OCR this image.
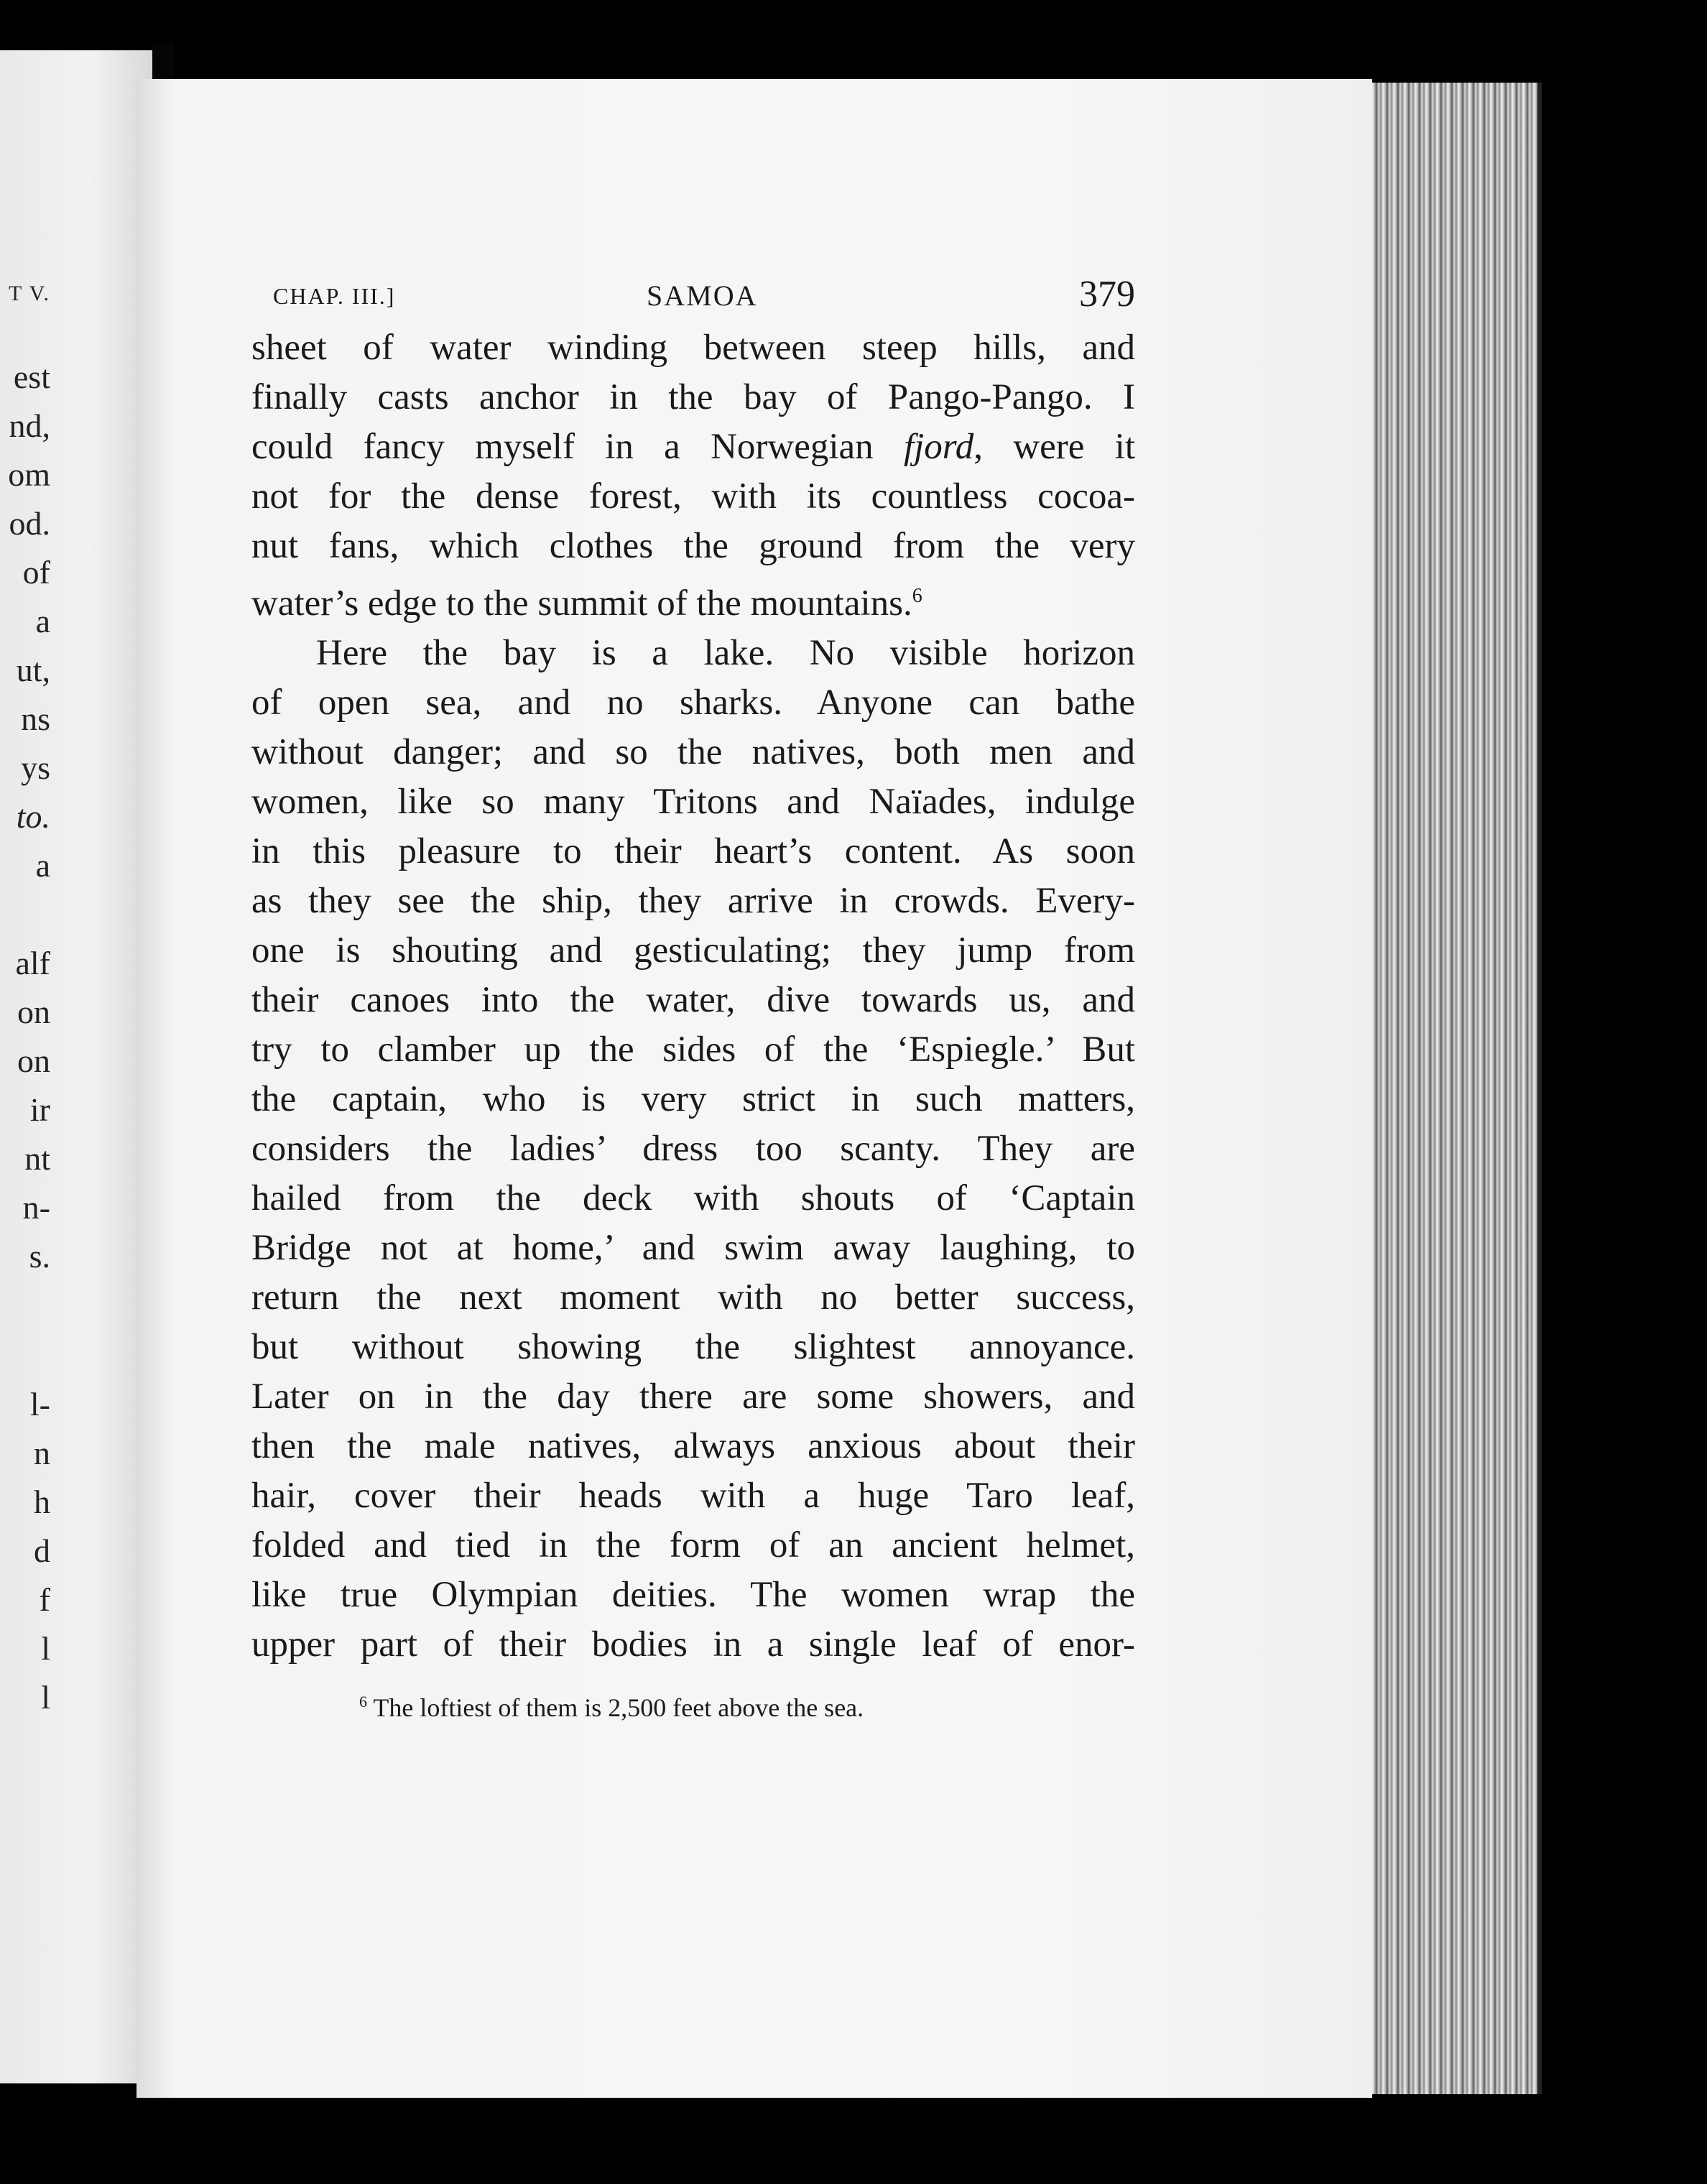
T V.
est
nd,
om
od.
of
a
ut,
ns
ys
to.
a
alf
on
on
ir
nt
n-
s.
l-
n
h
d
f
l
l
CHAP. III.]	SAMOA	379
sheet of water winding between steep hills, and
finally casts anchor in the bay of Pango-Pango. I
could fancy myself in a Norwegian fjord, were it
not for the dense forest, with its countless cocoa-
nut fans, which clothes the ground from the very
water’s edge to the summit of the mountains.$^6$
Here the bay is a lake. No visible horizon
of open sea, and no sharks. Anyone can bathe
without danger; and so the natives, both men and
women, like so many Tritons and Naïades, indulge
in this pleasure to their heart’s content. As soon
as they see the ship, they arrive in crowds. Every-
one is shouting and gesticulating; they jump from
their canoes into the water, dive towards us, and
try to clamber up the sides of the ‘Espiegle.’ But
the captain, who is very strict in such matters,
considers the ladies’ dress too scanty. They are
hailed from the deck with shouts of ‘Captain
Bridge not at home,’ and swim away laughing, to
return the next moment with no better success,
but without showing the slightest annoyance.
Later on in the day there are some showers, and
then the male natives, always anxious about their
hair, cover their heads with a huge Taro leaf,
folded and tied in the form of an ancient helmet,
like true Olympian deities. The women wrap the
upper part of their bodies in a single leaf of enor-
$^6$ The loftiest of them is 2,500 feet above the sea.
